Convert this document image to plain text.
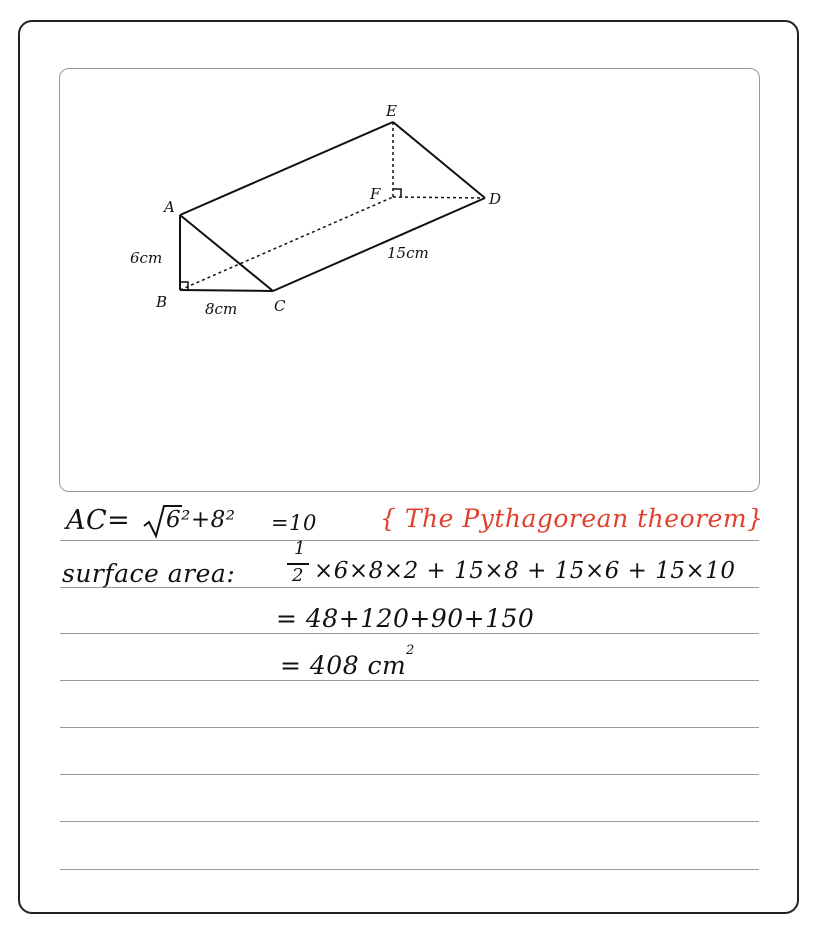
A
B	C
D
E
F
6cm
8cm
15cm
AC= 6²+8² =10	{ The Pythagorean theorem}
surface area:
1
2 ×6×8×2 + 15×8 + 15×6 + 15×10
= 48+120+90+150
= 408 cm
2
